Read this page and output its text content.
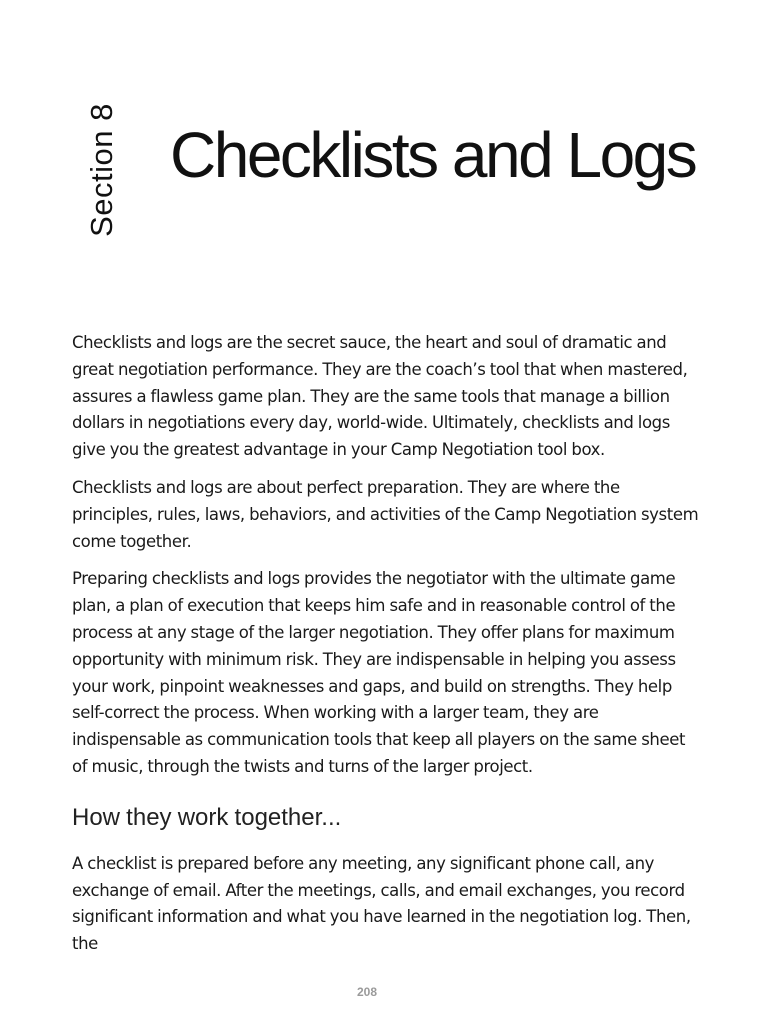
Section 8 Checklists and Logs

Checklists and logs are the secret sauce, the heart and soul of dramatic and great negotiation performance. They are the coach’s tool that when mastered, assures a flawless game plan. They are the same tools that manage a billion dollars in negotiations every day, world-wide. Ultimately, checklists and logs give you the greatest advantage in your Camp Negotiation tool box.

Checklists and logs are about perfect preparation. They are where the principles, rules, laws, behaviors, and activities of the Camp Negotiation system come together.

Preparing checklists and logs provides the negotiator with the ultimate game plan, a plan of execution that keeps him safe and in reasonable control of the process at any stage of the larger negotiation. They offer plans for maximum opportunity with minimum risk. They are indispensable in helping you assess your work, pinpoint weaknesses and gaps, and build on strengths. They help self-correct the process. When working with a larger team, they are indispensable as communication tools that keep all players on the same sheet of music, through the twists and turns of the larger project.

How they work together...

A checklist is prepared before any meeting, any significant phone call, any exchange of email. After the meetings, calls, and email exchanges, you record significant information and what you have learned in the negotiation log. Then, the

208
